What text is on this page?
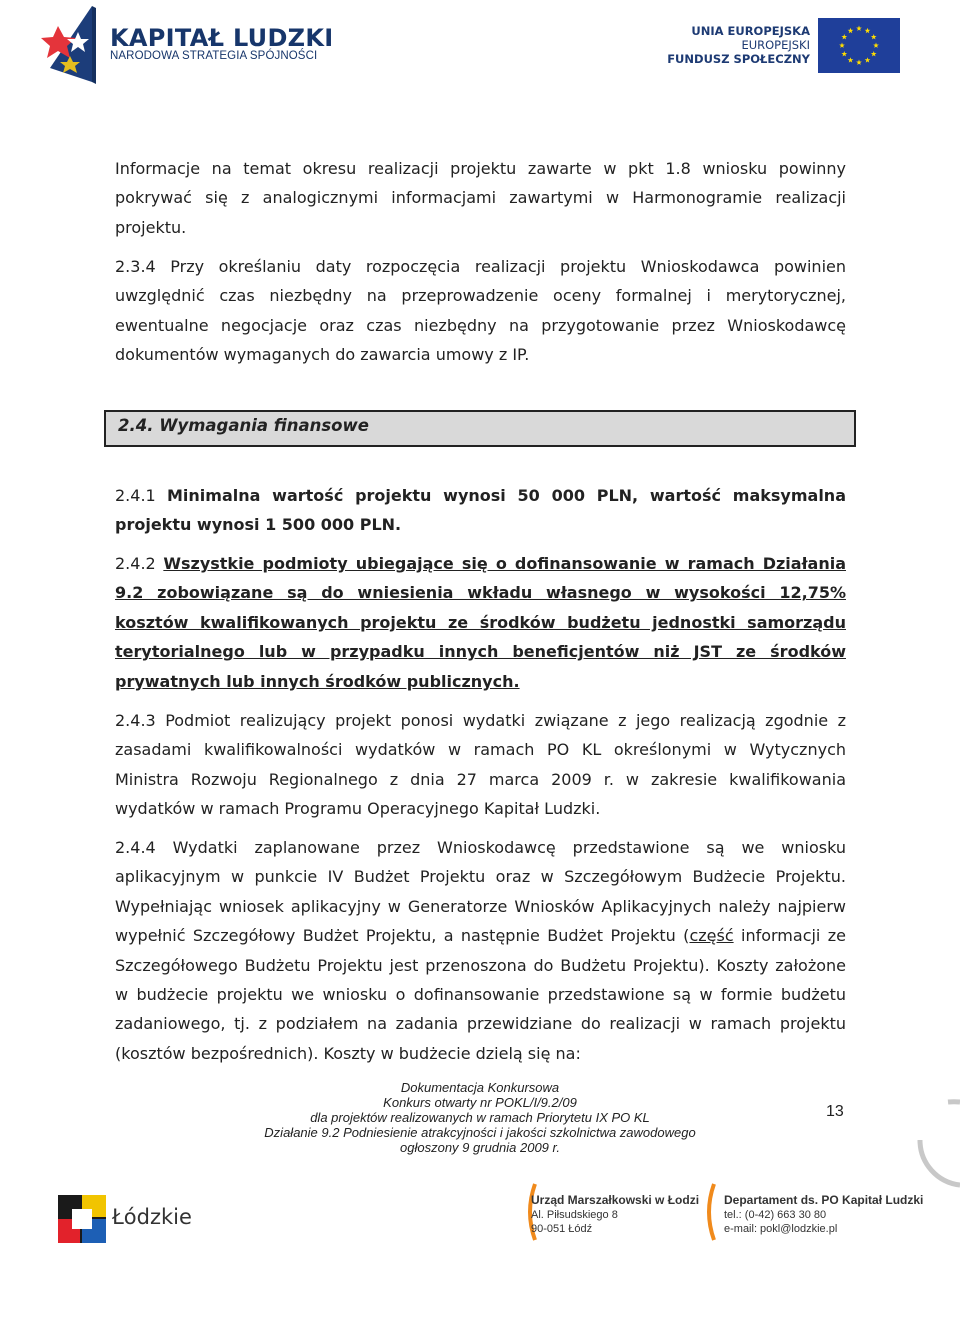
KAPITAŁ LUDZKI
NARODOWA STRATEGIA SPÓJNOŚCI
UNIA EUROPEJSKA
EUROPEJSKI
FUNDUSZ SPOŁECZNY
Informacje na temat okresu realizacji projektu zawarte w pkt 1.8 wniosku powinny pokrywać się z analogicznymi informacjami zawartymi w Harmonogramie realizacji projektu.
2.3.4 Przy określaniu daty rozpoczęcia realizacji projektu Wnioskodawca powinien uwzględnić czas niezbędny na przeprowadzenie oceny formalnej i merytorycznej, ewentualne negocjacje oraz czas niezbędny na przygotowanie przez Wnioskodawcę dokumentów wymaganych do zawarcia umowy z IP.
2.4. Wymagania finansowe
2.4.1 Minimalna wartość projektu wynosi 50 000 PLN, wartość maksymalna projektu wynosi 1 500 000 PLN.
2.4.2 Wszystkie podmioty ubiegające się o dofinansowanie w ramach Działania 9.2 zobowiązane są do wniesienia wkładu własnego w wysokości 12,75% kosztów kwalifikowanych projektu ze środków budżetu jednostki samorządu terytorialnego lub w przypadku innych beneficjentów niż JST ze środków prywatnych lub innych środków publicznych.
2.4.3 Podmiot realizujący projekt ponosi wydatki związane z jego realizacją zgodnie z zasadami kwalifikowalności wydatków w ramach PO KL określonymi w Wytycznych Ministra Rozwoju Regionalnego z dnia 27 marca 2009 r. w zakresie kwalifikowania wydatków w ramach Programu Operacyjnego Kapitał Ludzki.
2.4.4 Wydatki zaplanowane przez Wnioskodawcę przedstawione są we wniosku aplikacyjnym w punkcie IV Budżet Projektu oraz w Szczegółowym Budżecie Projektu. Wypełniając wniosek aplikacyjny w Generatorze Wniosków Aplikacyjnych należy najpierw wypełnić Szczegółowy Budżet Projektu, a następnie Budżet Projektu (część informacji ze Szczegółowego Budżetu Projektu jest przenoszona do Budżetu Projektu). Koszty założone w budżecie projektu we wniosku o dofinansowanie przedstawione są w formie budżetu zadaniowego, tj. z podziałem na zadania przewidziane do realizacji w ramach projektu (kosztów bezpośrednich). Koszty w budżecie dzielą się na:
Dokumentacja Konkursowa
Konkurs otwarty nr POKL/I/9.2/09
dla projektów realizowanych w ramach Priorytetu IX PO KL
Działanie 9.2 Podniesienie atrakcyjności i jakości szkolnictwa zawodowego
ogłoszony 9 grudnia 2009 r.
13
Łódzkie
Urząd Marszałkowski w Łodzi
Al. Piłsudskiego 8
90-051 Łódź
Departament ds. PO Kapitał Ludzki
tel.: (0-42) 663 30 80
e-mail: pokl@lodzkie.pl
